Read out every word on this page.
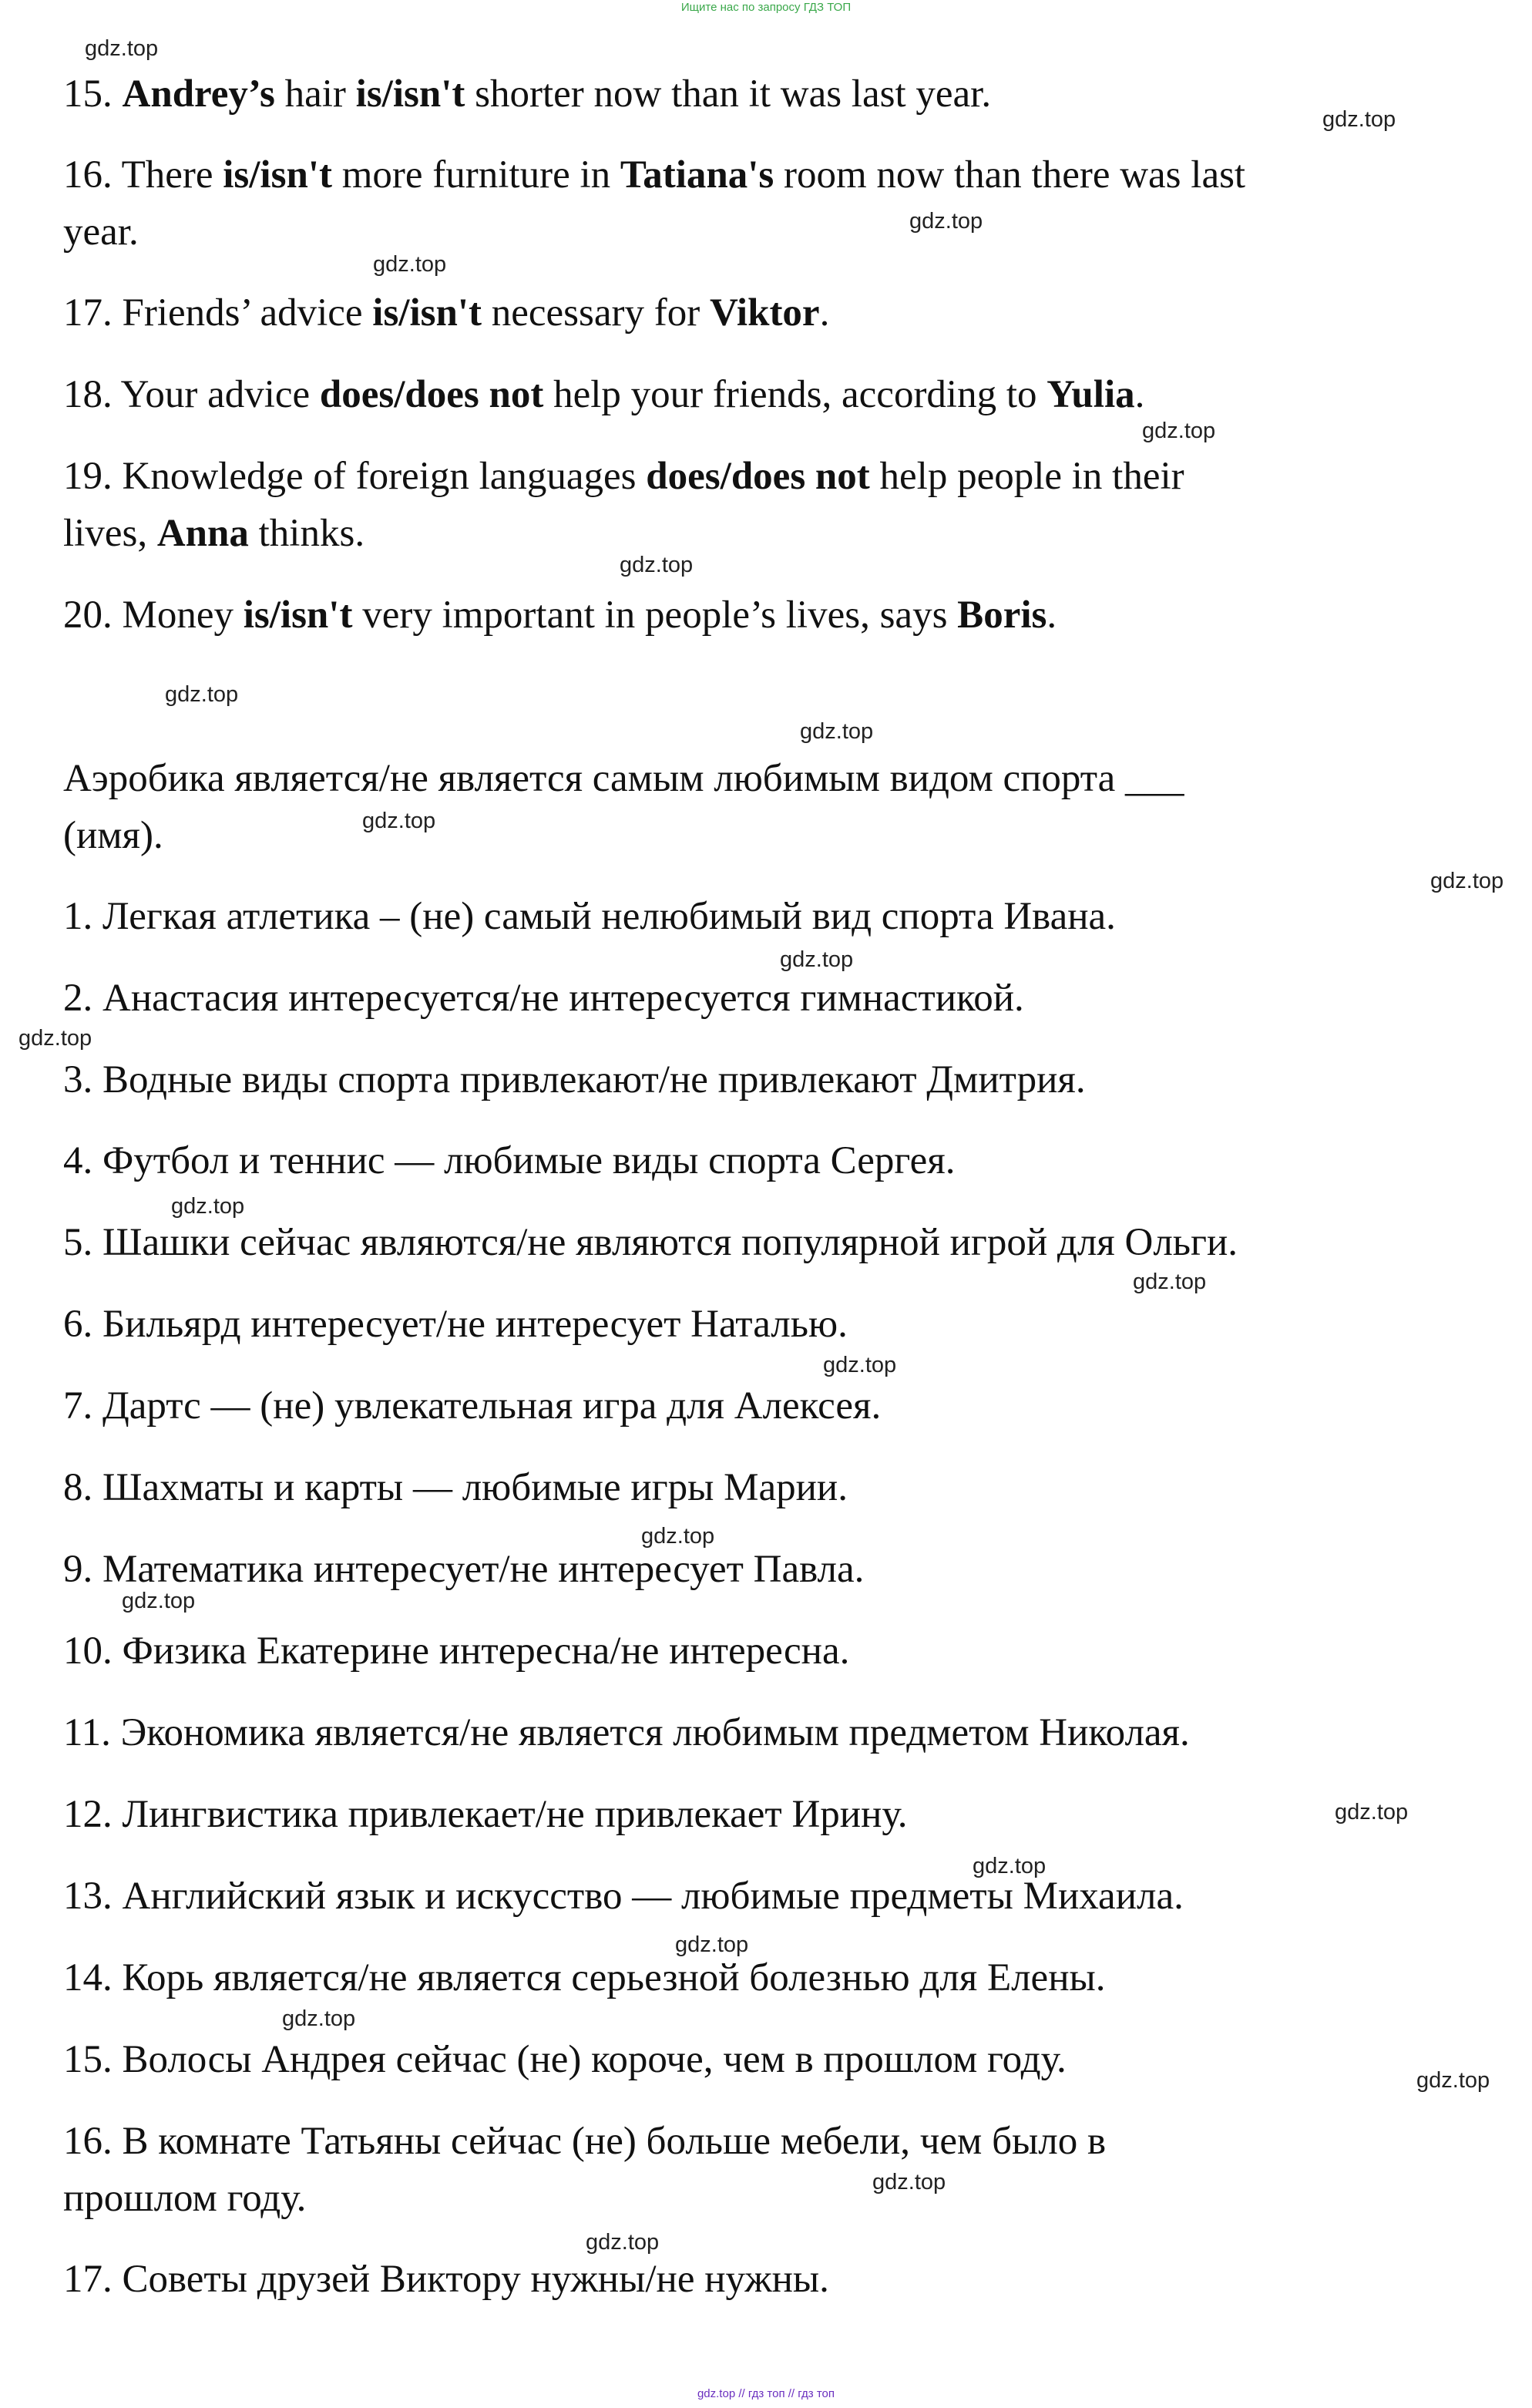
Ищите нас по запросу ГДЗ ТОП
15. Andrey’s hair is/isn't shorter now than it was last year.
16. There is/isn't more furniture in Tatiana's room now than there was last
year.
17. Friends’ advice is/isn't necessary for Viktor.
18. Your advice does/does not help your friends, according to Yulia.
19. Knowledge of foreign languages does/does not help people in their
lives, Anna thinks.
20. Money is/isn't very important in people’s lives, says Boris.
Аэробика является/не является самым любимым видом спорта ___
(имя).
1. Легкая атлетика – (не) самый нелюбимый вид спорта Ивана.
2. Анастасия интересуется/не интересуется гимнастикой.
3. Водные виды спорта привлекают/не привлекают Дмитрия.
4. Футбол и теннис — любимые виды спорта Сергея.
5. Шашки сейчас являются/не являются популярной игрой для Ольги.
6. Бильярд интересует/не интересует Наталью.
7. Дартс — (не) увлекательная игра для Алексея.
8. Шахматы и карты — любимые игры Марии.
9. Математика интересует/не интересует Павла.
10. Физика Екатерине интересна/не интересна.
11. Экономика является/не является любимым предметом Николая.
12. Лингвистика привлекает/не привлекает Ирину.
13. Английский язык и искусство — любимые предметы Михаила.
14. Корь является/не является серьезной болезнью для Елены.
15. Волосы Андрея сейчас (не) короче, чем в прошлом году.
16. В комнате Татьяны сейчас (не) больше мебели, чем было в
прошлом году.
17. Советы друзей Виктору нужны/не нужны.
gdz.top
gdz.top
gdz.top
gdz.top
gdz.top
gdz.top
gdz.top
gdz.top
gdz.top
gdz.top
gdz.top
gdz.top
gdz.top
gdz.top
gdz.top
gdz.top
gdz.top
gdz.top
gdz.top
gdz.top
gdz.top
gdz.top
gdz.top
gdz.top
gdz.top // гдз топ // гдз топ
